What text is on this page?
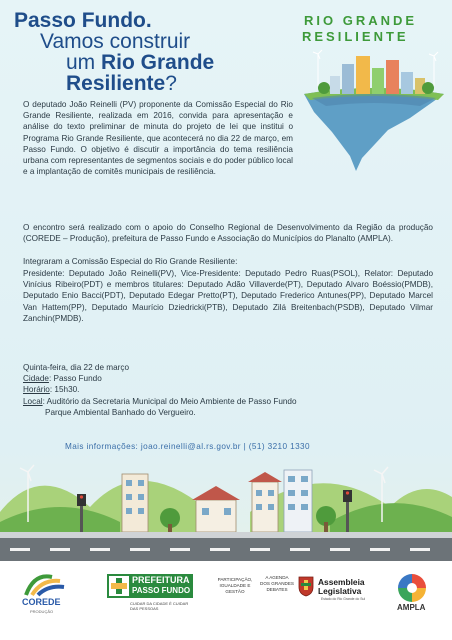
Passo Fundo.
Vamos construir
um Rio Grande
Resiliente?
RIO GRANDE
RESILIENTE
O deputado João Reinelli (PV) proponente da Comissão Especial do Rio Grande Resiliente, realizada em 2016, convida para apresentação e análise do texto preliminar de minuta do projeto de lei que institui o Programa Rio Grande Resiliente, que acontecerá no dia 22 de março, em Passo Fundo. O objetivo é discutir a importância do tema resiliência urbana com representantes de segmentos sociais e do poder público local e a implantação de comitês municipais de resiliência.
O encontro será realizado com o apoio do Conselho Regional de Desenvolvimento da Região da produção (COREDE – Produção), prefeitura de Passo Fundo e Associação do Municípios do Planalto (AMPLA).
Integraram a Comissão Especial do Rio Grande Resiliente:
Presidente: Deputado João Reinelli(PV), Vice-Presidente: Deputado Pedro Ruas(PSOL), Relator: Deputado Vinícius Ribeiro(PDT) e membros titulares: Deputado Adão Villaverde(PT), Deputado Alvaro Boéssio(PMDB), Deputado Enio Bacci(PDT), Deputado Edegar Pretto(PT), Deputado Frederico Antunes(PP), Deputado Marcel Van Hattem(PP), Deputado Maurício Dziedricki(PTB), Deputado Zilá Breitenbach(PSDB), Deputado Vilmar Zanchin(PMDB).
Quinta-feira, dia 22 de março
Cidade: Passo Fundo
Horário: 15h30.
Local: Auditório da Secretaria Municipal do Meio Ambiente de Passo Fundo
Parque Ambiental Banhado do Vergueiro.
Mais informações: joao.reinelli@al.rs.gov.br | (51) 3210 1330
COREDE
PRODUÇÃO
PREFEITURA
PASSO FUNDO
CUIDAR DA CIDADE É CUIDAR DAS PESSOAS
PARTICIPAÇÃO, IGUALDADE E GESTÃO
A AGENDA DOS GRANDES DEBATES
Assembleia
Legislativa
Estado do Rio Grande do Sul
AMPLA
